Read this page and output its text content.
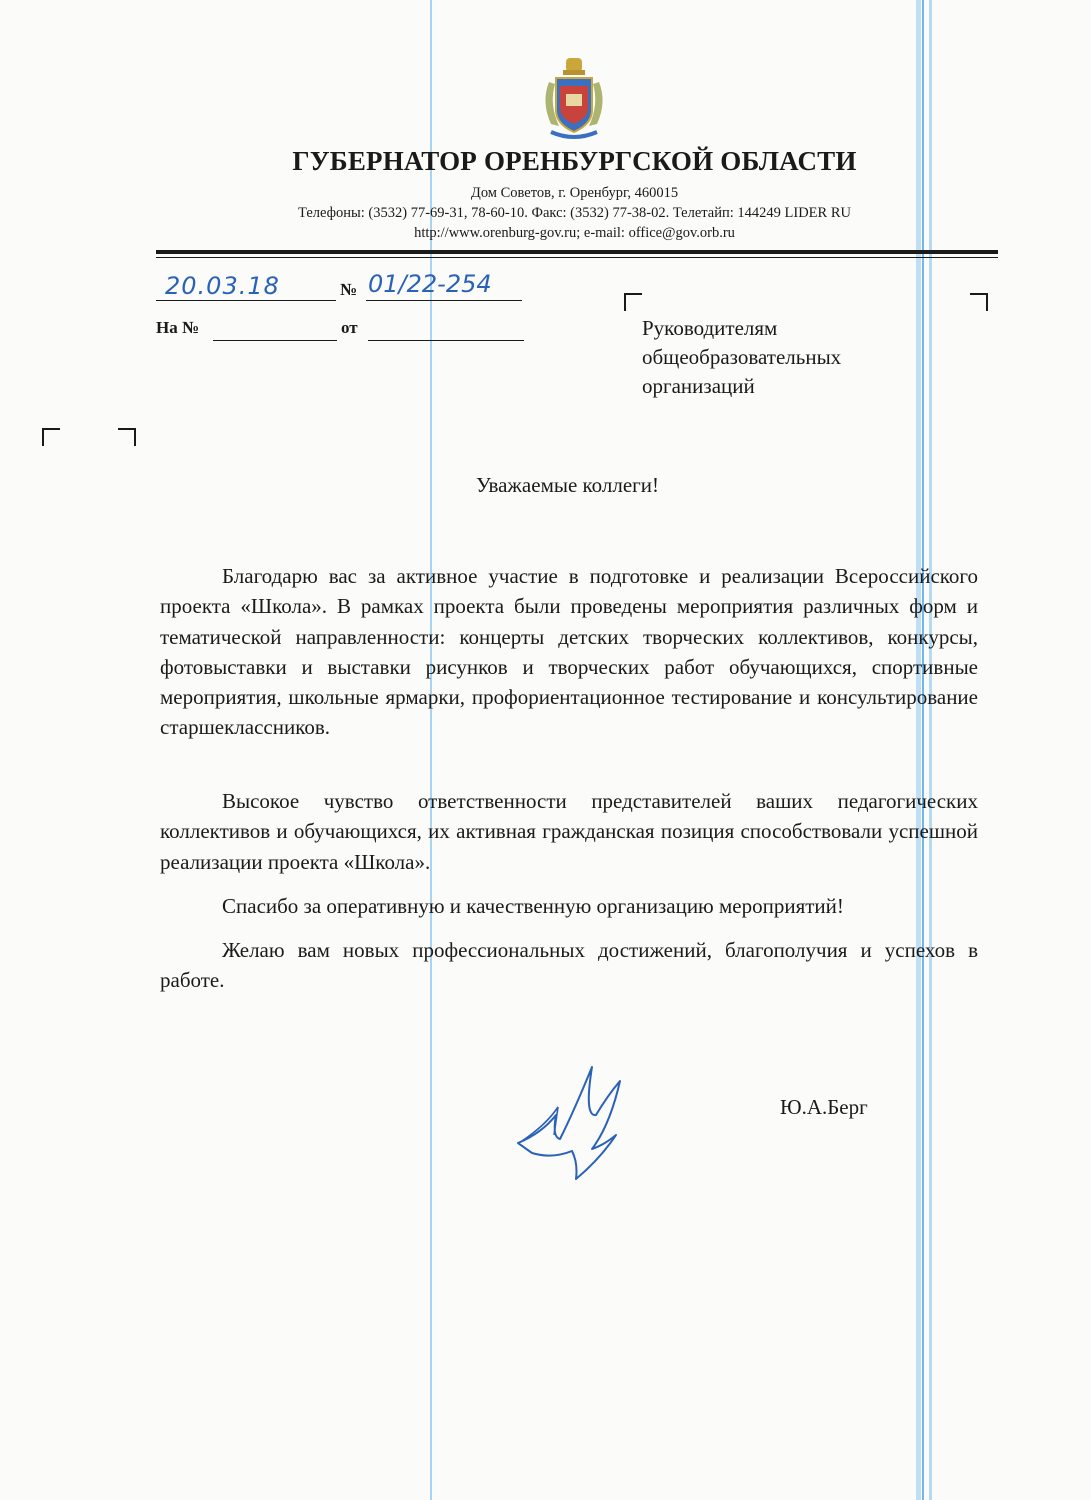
ГУБЕРНАТОР ОРЕНБУРГСКОЙ ОБЛАСТИ
Дом Советов, г. Оренбург, 460015
Телефоны: (3532) 77-69-31, 78-60-10. Факс: (3532) 77-38-02. Телетайп: 144249 LIDER RU
http://www.orenburg-gov.ru; e-mail: office@gov.orb.ru
20.03.18	№ 01/22-254
На №	от	Руководителям
общеобразовательных
организаций
Уважаемые коллеги!
Благодарю вас за активное участие в подготовке и реализации Всероссийского проекта «Школа». В рамках проекта были проведены мероприятия различных форм и тематической направленности: концерты детских творческих коллективов, конкурсы, фотовыставки и выставки рисунков и творческих работ обучающихся, спортивные мероприятия, школьные ярмарки, профориентационное тестирование и консультирование старшеклассников.
Высокое чувство ответственности представителей ваших педагогических коллективов и обучающихся, их активная гражданская позиция способствовали успешной реализации проекта «Школа».
Спасибо за оперативную и качественную организацию мероприятий!
Желаю вам новых профессиональных достижений, благополучия и успехов в работе.
Ю.А.Берг
